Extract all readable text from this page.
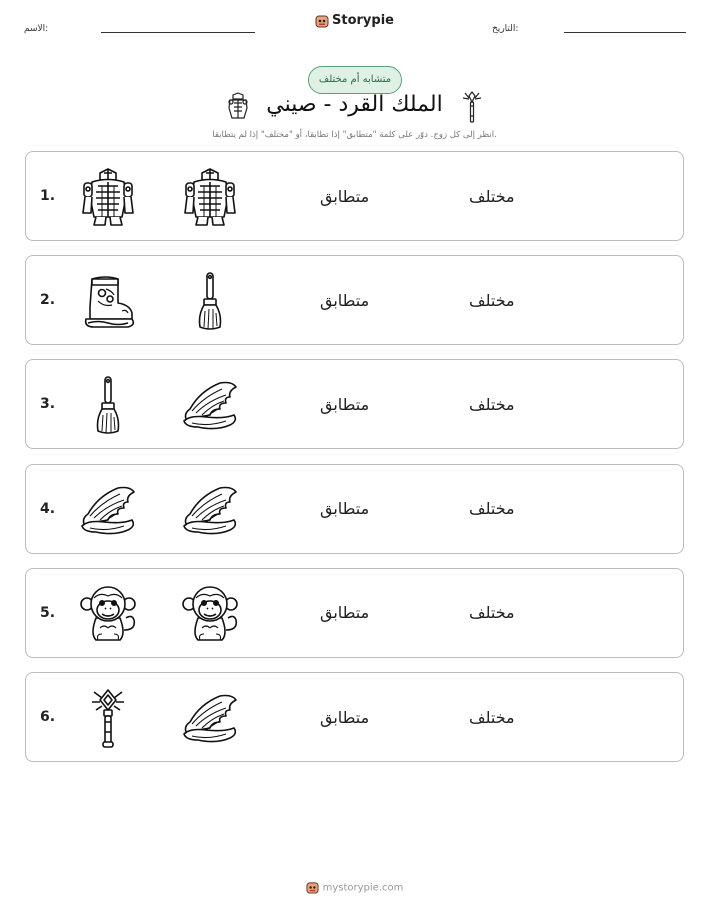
الاسم:
Storypie
التاريخ:
متشابه أم مختلف
الملك القرد - صيني
انظر إلى كل زوج. دوّر على كلمة "متطابق" إذا تطابقا، أو "مختلف" إذا لم يتطابقا.
1.	متطابق	مختلف
2.	متطابق	مختلف
3.	متطابق	مختلف
4.	متطابق	مختلف
5.	متطابق	مختلف
6.	متطابق	مختلف
mystorypie.com
